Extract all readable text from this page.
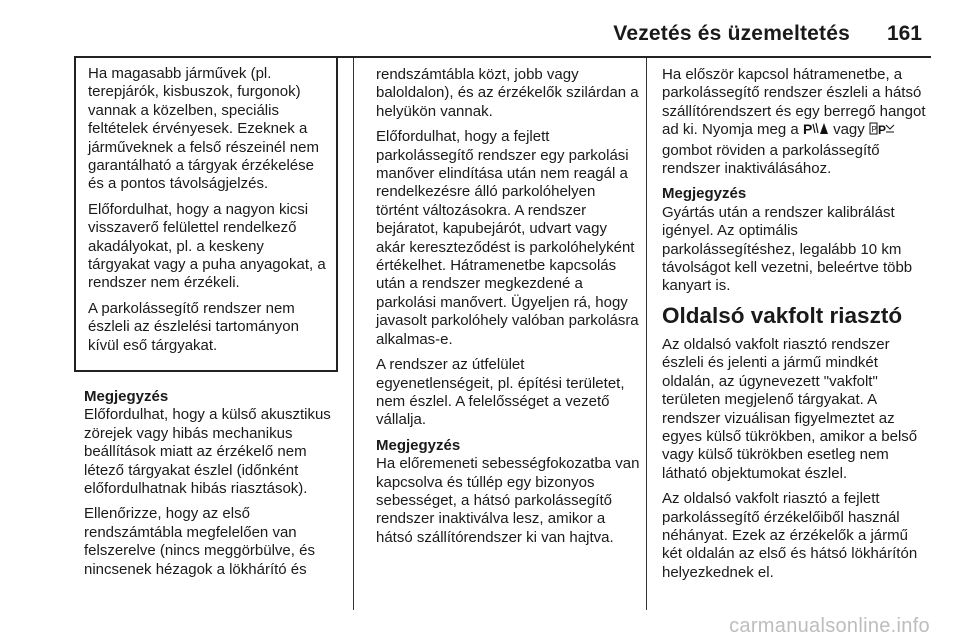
Vezetés és üzemeltetés 161

Ha magasabb járművek (pl. terepjárók, kisbuszok, furgonok) vannak a közelben, speciális feltételek érvényesek. Ezeknek a járműveknek a felső részeinél nem garantálható a tárgyak érzékelése és a pontos távolságjelzés.

Előfordulhat, hogy a nagyon kicsi visszaverő felülettel rendelkező akadályokat, pl. a keskeny tárgyakat vagy a puha anyagokat, a rendszer nem érzékeli.

A parkolássegítő rendszer nem észleli az észlelési tartományon kívül eső tárgyakat.

Megjegyzés

Előfordulhat, hogy a külső akusztikus zörejek vagy hibás mechanikus beállítások miatt az érzékelő nem létező tárgyakat észlel (időnként előfordulhatnak hibás riasztások).

Ellenőrizze, hogy az első rendszámtábla megfelelően van felszerelve (nincs meggörbülve, és nincsenek hézagok a lökhárító és

rendszámtábla közt, jobb vagy baloldalon), és az érzékelők szilárdan a helyükön vannak.

Előfordulhat, hogy a fejlett parkolássegítő rendszer egy parkolási manőver elindítása után nem reagál a rendelkezésre álló parkolóhelyen történt változásokra. A rendszer bejáratot, kapubejárót, udvart vagy akár kereszteződést is parkolóhelyként értékelhet. Hátramenetbe kapcsolás után a rendszer megkezdené a parkolási manővert. Ügyeljen rá, hogy javasolt parkolóhely valóban parkolásra alkalmas-e.

A rendszer az útfelület egyenetlenségeit, pl. építési területet, nem észlel. A felelősséget a vezető vállalja.

Megjegyzés

Ha előremeneti sebességfokozatba van kapcsolva és túllép egy bizonyos sebességet, a hátsó parkolássegítő rendszer inaktiválva lesz, amikor a hátsó szállítórendszer ki van hajtva.

Ha először kapcsol hátramenetbe, a parkolássegítő rendszer észleli a hátsó szállítórendszert és egy berregő hangot ad ki. Nyomja meg a P vagy P P
gombot röviden a parkolássegítő rendszer inaktiválásához.

Megjegyzés

Gyártás után a rendszer kalibrálást igényel. Az optimális parkolássegítéshez, legalább 10 km távolságot kell vezetni, beleértve több kanyart is.

Oldalsó vakfolt riasztó

Az oldalsó vakfolt riasztó rendszer észleli és jelenti a jármű mindkét oldalán, az úgynevezett "vakfolt" területen megjelenő tárgyakat. A rendszer vizuálisan figyelmeztet az egyes külső tükrökben, amikor a belső vagy külső tükrökben esetleg nem látható objektumokat észlel.

Az oldalsó vakfolt riasztó a fejlett parkolássegítő érzékelőiből használ néhányat. Ezek az érzékelők a jármű két oldalán az első és hátsó lökhárítón helyezkednek el.

carmanualsonline.info
